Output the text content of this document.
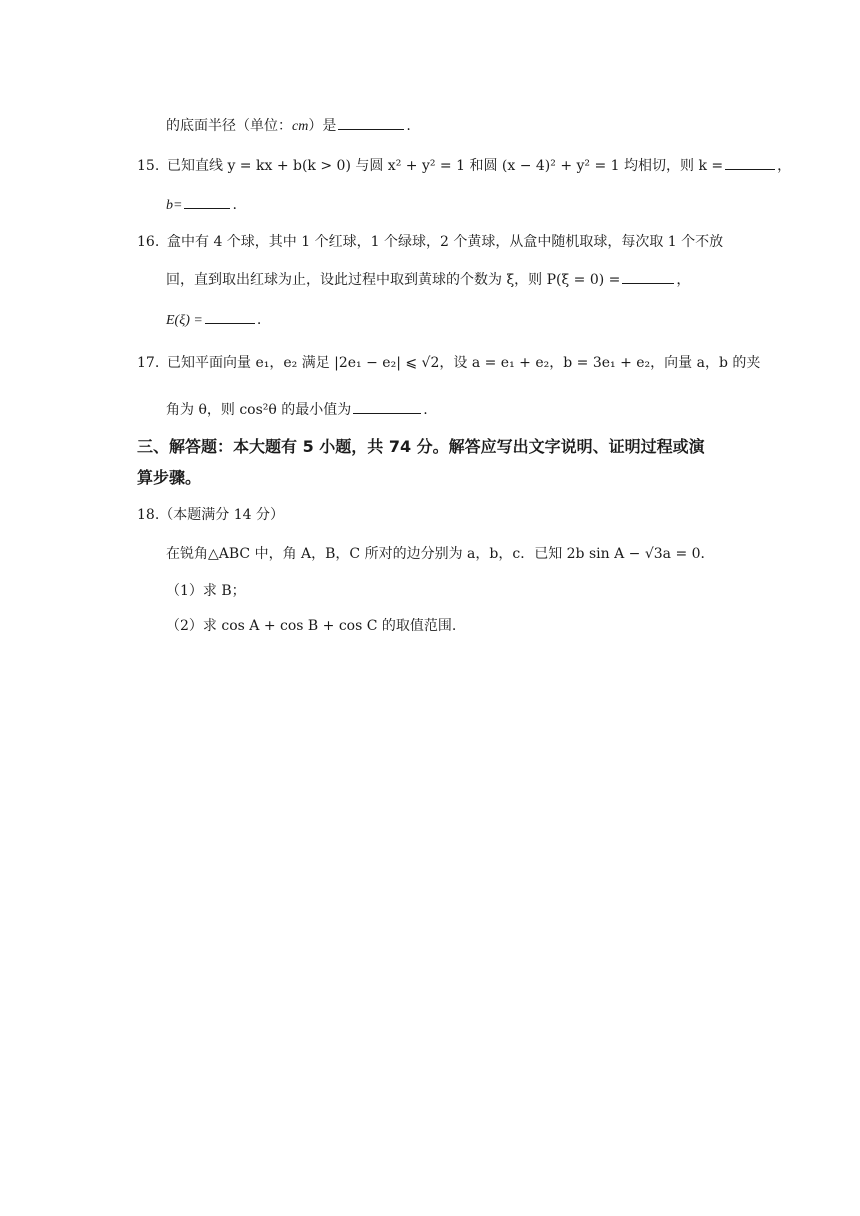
的底面半径（单位：cm）是	.
15. 已知直线 y = kx + b(k > 0) 与圆 x² + y² = 1 和圆 (x − 4)² + y² = 1 均相切，则 k =	，
b=	.
16. 盒中有 4 个球，其中 1 个红球，1 个绿球，2 个黄球，从盒中随机取球，每次取 1 个不放
回，直到取出红球为止，设此过程中取到黄球的个数为 ξ，则 P(ξ = 0) =	，
E(ξ) =	.
17. 已知平面向量 e₁，e₂ 满足 |2e₁ − e₂| ⩽ √2，设 a = e₁ + e₂，b = 3e₁ + e₂，向量 a，b 的夹
角为 θ，则 cos²θ 的最小值为	.
三、解答题：本大题有 5 小题，共 74 分。解答应写出文字说明、证明过程或演
算步骤。
18.（本题满分 14 分）
在锐角△ABC 中，角 A，B，C 所对的边分别为 a，b，c．已知 2b sin A − √3a = 0．
（1）求 B；
（2）求 cos A + cos B + cos C 的取值范围.
